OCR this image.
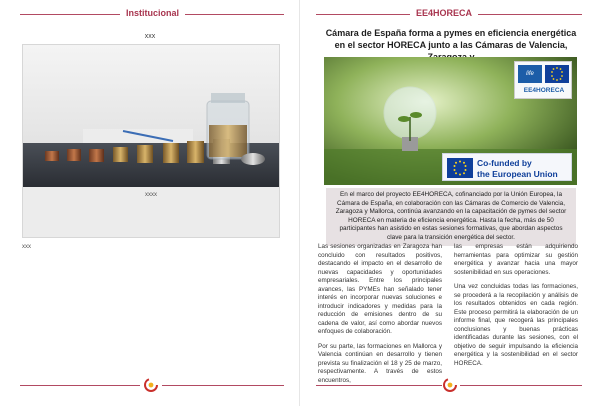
Institucional
xxx
xxxx
xxx
EE4HORECA
Cámara de España forma a pymes en eficiencia energética en el sector HORECA junto a las Cámaras de Valencia,
life
EE4HORECA
Co-funded by
the European Union
En el marco del proyecto EE4HORECA, cofinanciado por la Unión Europea, la Cámara de España, en colaboración con las Cámaras de Comercio de Valencia, Zaragoza y Mallorca, continúa avanzando en la capacitación de pymes del sector HORECA en materia de eficiencia energética. Hasta la fecha, más de 50 participantes han asistido en estas sesiones formativas, que abordan aspectos clave para la transición energética del sector.

Las sesiones organizadas en Zaragoza han concluido con resultados positivos, destacando el impacto en el desarrollo de nuevas capacidades y oportunidades empresariales. Entre los principales avances, las PYMEs han señalado tener interés en incorporar nuevas soluciones e introducir indicadores y medidas para la reducción de emisiones dentro de su cadena de valor, así como abordar nuevos enfoques de colaboración.

Por su parte, las formaciones en Mallorca y Valencia continúan en desarrollo y tienen prevista su finalización el 18 y 25 de marzo, respectivamente. A través de estos encuentros,

las empresas están adquiriendo herramientas para optimizar su gestión energética y avanzar hacia una mayor sostenibilidad en sus operaciones.

Una vez concluidas todas las formaciones, se procederá a la recopilación y análisis de los resultados obtenidos en cada región. Este proceso permitirá la elaboración de un informe final, que recogerá las principales conclusiones y buenas prácticas identificadas durante las sesiones, con el objetivo de seguir impulsando la eficiencia energética y la sostenibilidad en el sector HORECA.
